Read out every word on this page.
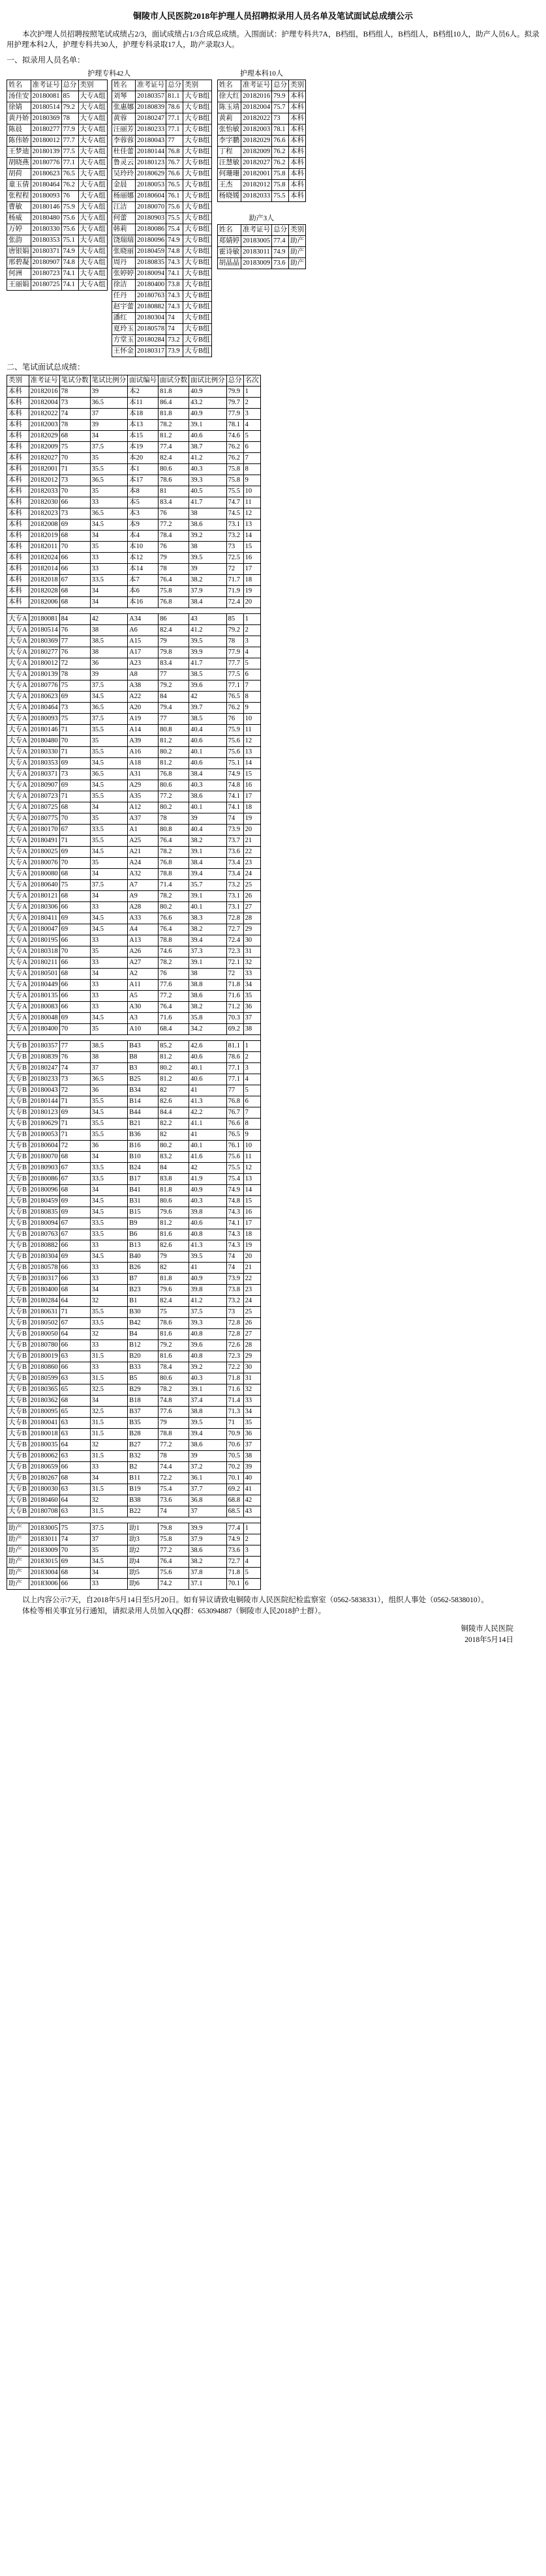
铜陵市人民医院2018年护理人员招聘拟录用人员名单及笔试面试总成绩公示

本次护理人员招聘按照笔试成绩占2/3，面试成绩占1/3合成总成绩。入围面试：护理专科共7A，B档组，B档组人，B档组人，B档组10人，助产人员6人。拟录用护理本科2人，护理专科共30人，护理专科录取17人，助产录取3人。

一、拟录用人员名单：
护理专科42人
姓名	准考证号	总分	类别
汤佳安	20180081	85	大专A组
徐婧	20180514	79.2	大专A组
黄丹娇	20180369	78	大专A组
陈晨	20180277	77.9	大专A组
陈伟娇	20180012	77.7	大专A组
王梦迪	20180139	77.5	大专A组
胡晓燕	20180776	77.1	大专A组
胡荷	20180623	76.5	大专A组
童玉倩	20180464	76.2	大专A组
张程程	20180093	76	大专A组
曹敏	20180146	75.9	大专A组
杨威	20180480	75.6	大专A组
万婷	20180330	75.6	大专A组
张韵	20180353	75.1	大专A组
唐银娟	20180371	74.9	大专A组
邢碧凝	20180907	74.8	大专A组
何洲	20180723	74.1	大专A组
王丽娟	20180725	74.1	大专A组
姓名	准考证号	总分	类别
刘琴	20180357	81.1	大专B组
张惠娜	20180839	78.6	大专B组
黄蓉	20180247	77.1	大专B组
汪丽芳	20180233	77.1	大专B组
李蓉蓉	20180043	77	大专B组
杜佳蕾	20180144	76.8	大专B组
鲁灵云	20180123	76.7	大专B组
吴玲玲	20180629	76.6	大专B组
金晨	20180053	76.5	大专B组
杨丽娜	20180604	76.1	大专B组
江洁	20180070	75.6	大专B组
何蕾	20180903	75.5	大专B组
韩莉	20180086	75.4	大专B组
饶瑞瑞	20180096	74.9	大专B组
张晓丽	20180459	74.8	大专B组
周丹	20180835	74.3	大专B组
张婷婷	20180094	74.1	大专B组
徐洁	20180400	73.8	大专B组
任丹	20180763	74.3	大专B组
赵宇蕾	20180882	74.3	大专B组
潘红	20180304	74	大专B组
夏玲玉	20180578	74	大专B组
方堂玉	20180284	73.2	大专B组
王怀金	20180317	73.9	大专B组
护理本科10人
姓名	准考证号	总分	类别
徐大红	20182016	79.9	本科
陈玉靖	20182004	75.7	本科
黄莉	20182022	73	本科
张怡敏	20182003	78.1	本科
李宇鹏	20182029	76.6	本科
丁程	20182009	76.2	本科
汪慧敏	20182027	76.2	本科
何珊珊	20182001	75.8	本科
王杰	20182012	75.8	本科
杨晓媛	20182033	75.5	本科
助产3人
姓名	准考证号	总分	类别
郑婧婷	20183005	77.4	助产
霍诗敏	20183011	74.9	助产
胡晶晶	20183009	73.6	助产
二、笔试面试总成绩：
类别	准考证号	笔试分数	笔试比例分	面试编号	面试分数	面试比例分	总分	名次
本科	20182016	78	39	本2	81.8	40.9	79.9	1
本科	20182004	73	36.5	本11	86.4	43.2	79.7	2
本科	20182022	74	37	本18	81.8	40.9	77.9	3
本科	20182003	78	39	本13	78.2	39.1	78.1	4
本科	20182029	68	34	本15	81.2	40.6	74.6	5
本科	20182009	75	37.5	本19	77.4	38.7	76.2	6
本科	20182027	70	35	本20	82.4	41.2	76.2	7
本科	20182001	71	35.5	本1	80.6	40.3	75.8	8
本科	20182012	73	36.5	本17	78.6	39.3	75.8	9
本科	20182033	70	35	本8	81	40.5	75.5	10
本科	20182030	66	33	本5	83.4	41.7	74.7	11
本科	20182023	73	36.5	本3	76	38	74.5	12
本科	20182008	69	34.5	本9	77.2	38.6	73.1	13
本科	20182019	68	34	本4	78.4	39.2	73.2	14
本科	20182011	70	35	本10	76	38	73	15
本科	20182024	66	33	本12	79	39.5	72.5	16
本科	20182014	66	33	本14	78	39	72	17
本科	20182018	67	33.5	本7	76.4	38.2	71.7	18
本科	20182028	68	34	本6	75.8	37.9	71.9	19
本科	20182006	68	34	本16	76.8	38.4	72.4	20

大专A	20180081	84	42	A34	86	43	85	1
大专A	20180514	76	38	A6	82.4	41.2	79.2	2
大专A	20180369	77	38.5	A15	79	39.5	78	3
大专A	20180277	76	38	A17	79.8	39.9	77.9	4
大专A	20180012	72	36	A23	83.4	41.7	77.7	5
大专A	20180139	78	39	A8	77	38.5	77.5	6
大专A	20180776	75	37.5	A38	79.2	39.6	77.1	7
大专A	20180623	69	34.5	A22	84	42	76.5	8
大专A	20180464	73	36.5	A20	79.4	39.7	76.2	9
大专A	20180093	75	37.5	A19	77	38.5	76	10
大专A	20180146	71	35.5	A14	80.8	40.4	75.9	11
大专A	20180480	70	35	A39	81.2	40.6	75.6	12
大专A	20180330	71	35.5	A16	80.2	40.1	75.6	13
大专A	20180353	69	34.5	A18	81.2	40.6	75.1	14
大专A	20180371	73	36.5	A31	76.8	38.4	74.9	15
大专A	20180907	69	34.5	A29	80.6	40.3	74.8	16
大专A	20180723	71	35.5	A35	77.2	38.6	74.1	17
大专A	20180725	68	34	A12	80.2	40.1	74.1	18
大专A	20180775	70	35	A37	78	39	74	19
大专A	20180170	67	33.5	A1	80.8	40.4	73.9	20
大专A	20180491	71	35.5	A25	76.4	38.2	73.7	21
大专A	20180025	69	34.5	A21	78.2	39.1	73.6	22
大专A	20180076	70	35	A24	76.8	38.4	73.4	23
大专A	20180080	68	34	A32	78.8	39.4	73.4	24
大专A	20180640	75	37.5	A7	71.4	35.7	73.2	25
大专A	20180121	68	34	A9	78.2	39.1	73.1	26
大专A	20180306	66	33	A28	80.2	40.1	73.1	27
大专A	20180411	69	34.5	A33	76.6	38.3	72.8	28
大专A	20180047	69	34.5	A4	76.4	38.2	72.7	29
大专A	20180195	66	33	A13	78.8	39.4	72.4	30
大专A	20180318	70	35	A26	74.6	37.3	72.3	31
大专A	20180211	66	33	A27	78.2	39.1	72.1	32
大专A	20180501	68	34	A2	76	38	72	33
大专A	20180449	66	33	A11	77.6	38.8	71.8	34
大专A	20180135	66	33	A5	77.2	38.6	71.6	35
大专A	20180083	66	33	A30	76.4	38.2	71.2	36
大专A	20180048	69	34.5	A3	71.6	35.8	70.3	37
大专A	20180400	70	35	A10	68.4	34.2	69.2	38

大专B	20180357	77	38.5	B43	85.2	42.6	81.1	1
大专B	20180839	76	38	B8	81.2	40.6	78.6	2
大专B	20180247	74	37	B3	80.2	40.1	77.1	3
大专B	20180233	73	36.5	B25	81.2	40.6	77.1	4
大专B	20180043	72	36	B34	82	41	77	5
大专B	20180144	71	35.5	B14	82.6	41.3	76.8	6
大专B	20180123	69	34.5	B44	84.4	42.2	76.7	7
大专B	20180629	71	35.5	B21	82.2	41.1	76.6	8
大专B	20180053	71	35.5	B36	82	41	76.5	9
大专B	20180604	72	36	B16	80.2	40.1	76.1	10
大专B	20180070	68	34	B10	83.2	41.6	75.6	11
大专B	20180903	67	33.5	B24	84	42	75.5	12
大专B	20180086	67	33.5	B17	83.8	41.9	75.4	13
大专B	20180096	68	34	B41	81.8	40.9	74.9	14
大专B	20180459	69	34.5	B31	80.6	40.3	74.8	15
大专B	20180835	69	34.5	B15	79.6	39.8	74.3	16
大专B	20180094	67	33.5	B9	81.2	40.6	74.1	17
大专B	20180763	67	33.5	B6	81.6	40.8	74.3	18
大专B	20180882	66	33	B13	82.6	41.3	74.3	19
大专B	20180304	69	34.5	B40	79	39.5	74	20
大专B	20180578	66	33	B26	82	41	74	21
大专B	20180317	66	33	B7	81.8	40.9	73.9	22
大专B	20180400	68	34	B23	79.6	39.8	73.8	23
大专B	20180284	64	32	B1	82.4	41.2	73.2	24
大专B	20180631	71	35.5	B30	75	37.5	73	25
大专B	20180502	67	33.5	B42	78.6	39.3	72.8	26
大专B	20180050	64	32	B4	81.6	40.8	72.8	27
大专B	20180780	66	33	B12	79.2	39.6	72.6	28
大专B	20180019	63	31.5	B20	81.6	40.8	72.3	29
大专B	20180860	66	33	B33	78.4	39.2	72.2	30
大专B	20180599	63	31.5	B5	80.6	40.3	71.8	31
大专B	20180365	65	32.5	B29	78.2	39.1	71.6	32
大专B	20180362	68	34	B18	74.8	37.4	71.4	33
大专B	20180095	65	32.5	B37	77.6	38.8	71.3	34
大专B	20180041	63	31.5	B35	79	39.5	71	35
大专B	20180018	63	31.5	B28	78.8	39.4	70.9	36
大专B	20180035	64	32	B27	77.2	38.6	70.6	37
大专B	20180062	63	31.5	B32	78	39	70.5	38
大专B	20180659	66	33	B2	74.4	37.2	70.2	39
大专B	20180267	68	34	B11	72.2	36.1	70.1	40
大专B	20180030	63	31.5	B19	75.4	37.7	69.2	41
大专B	20180460	64	32	B38	73.6	36.8	68.8	42
大专B	20180708	63	31.5	B22	74	37	68.5	43

助产	20183005	75	37.5	助1	79.8	39.9	77.4	1
助产	20183011	74	37	助3	75.8	37.9	74.9	2
助产	20183009	70	35	助2	77.2	38.6	73.6	3
助产	20183015	69	34.5	助4	76.4	38.2	72.7	4
助产	20183004	68	34	助5	75.6	37.8	71.8	5
助产	20183006	66	33	助6	74.2	37.1	70.1	6

以上内容公示7天，自2018年5月14日至5月20日。如有异议请致电铜陵市人民医院纪检监察室（0562-5838331），组织人事处（0562-5838010）。

体检等相关事宜另行通知，请拟录用人员加入QQ群：653094887（铜陵市人民2018护士群）。

铜陵市人民医院
2018年5月14日
